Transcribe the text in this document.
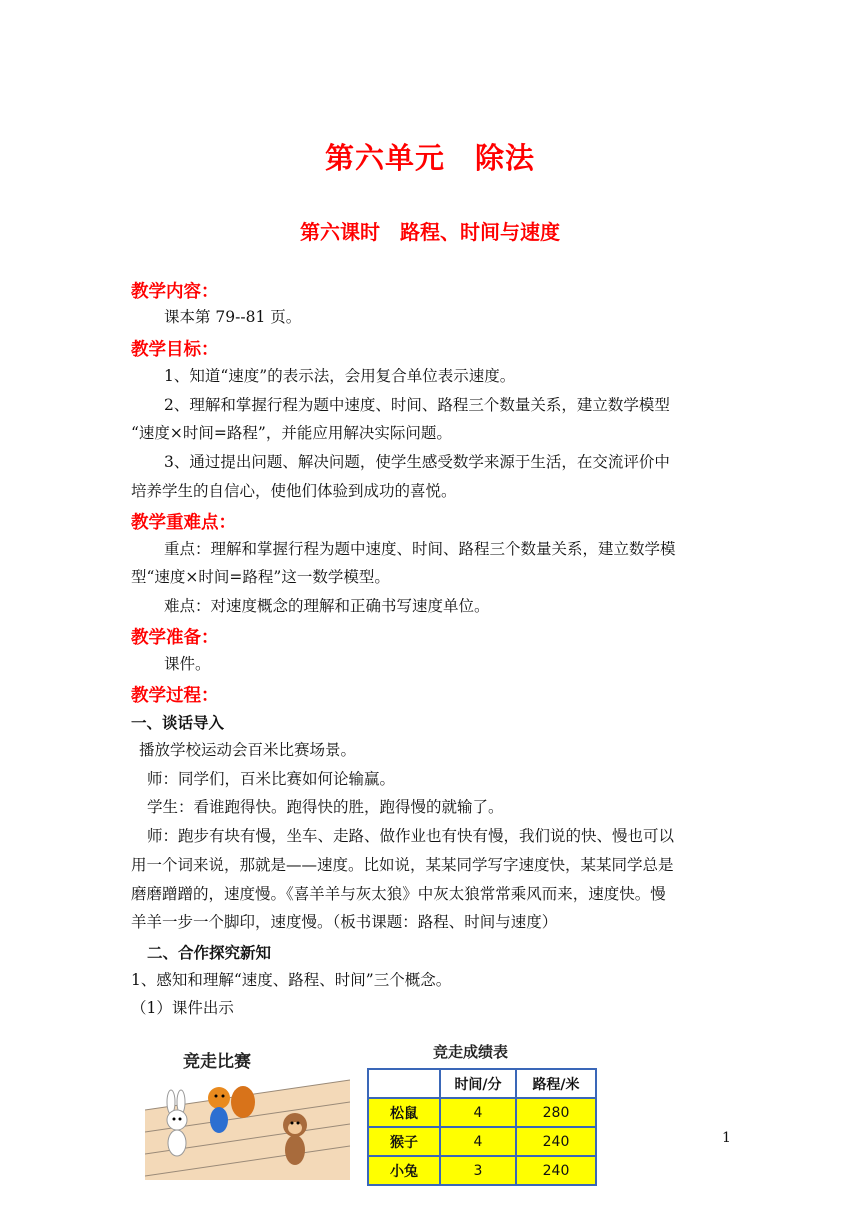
第六单元　除法
第六课时　路程、时间与速度
教学内容：
课本第 79--81 页。
教学目标：
1、知道“速度”的表示法，会用复合单位表示速度。
2、理解和掌握行程为题中速度、时间、路程三个数量关系，建立数学模型
“速度×时间=路程”，并能应用解决实际问题。
3、通过提出问题、解决问题，使学生感受数学来源于生活，在交流评价中
培养学生的自信心，使他们体验到成功的喜悦。
教学重难点：
重点：理解和掌握行程为题中速度、时间、路程三个数量关系，建立数学模
型“速度×时间=路程”这一数学模型。
难点：对速度概念的理解和正确书写速度单位。
教学准备：
课件。
教学过程：
一、谈话导入
播放学校运动会百米比赛场景。
师：同学们，百米比赛如何论输赢。
学生：看谁跑得快。跑得快的胜，跑得慢的就输了。
师：跑步有块有慢，坐车、走路、做作业也有快有慢，我们说的快、慢也可以
用一个词来说，那就是——速度。比如说，某某同学写字速度快，某某同学总是
磨磨蹭蹭的，速度慢。《喜羊羊与灰太狼》中灰太狼常常乘风而来，速度快。慢
羊羊一步一个脚印，速度慢。（板书课题：路程、时间与速度）
二、合作探究新知
1、感知和理解“速度、路程、时间”三个概念。
（1）课件出示
竞走比赛	竞走成绩表
	时间/分	路程/米
松鼠	4	280
猴子	4	240
小兔	3	240
1
